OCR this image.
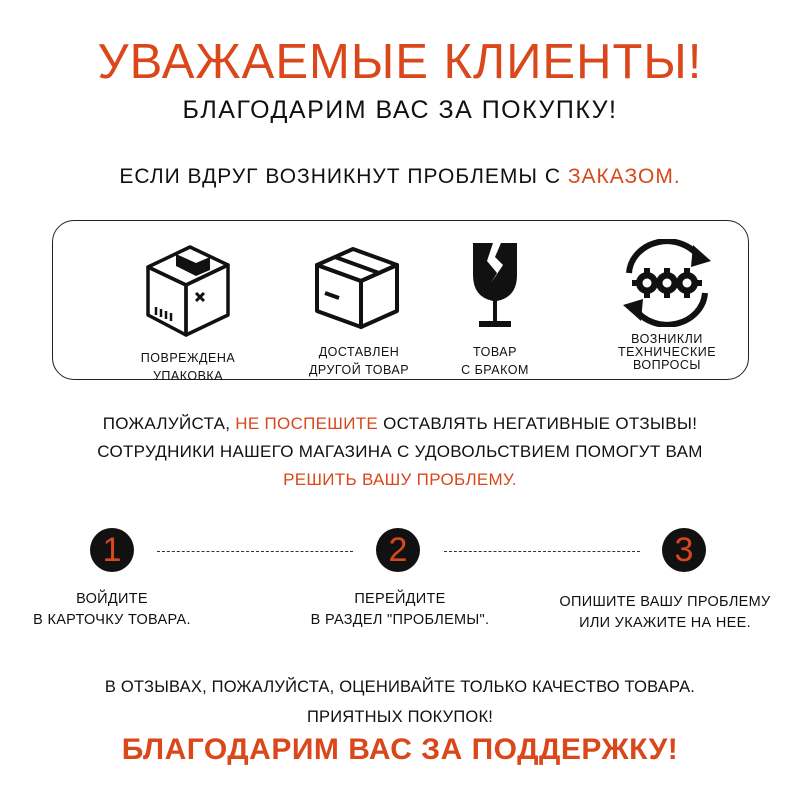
УВАЖАЕМЫЕ КЛИЕНТЫ!
БЛАГОДАРИМ ВАС ЗА ПОКУПКУ!
ЕСЛИ ВДРУГ ВОЗНИКНУТ ПРОБЛЕМЫ С ЗАКАЗОМ.
ПОВРЕЖДЕНА
УПАКОВКА
ДОСТАВЛЕН
ДРУГОЙ ТОВАР
ТОВАР
С БРАКОМ
ВОЗНИКЛИ
ТЕХНИЧЕСКИЕ
ВОПРОСЫ
ПОЖАЛУЙСТА, НЕ ПОСПЕШИТЕ ОСТАВЛЯТЬ НЕГАТИВНЫЕ ОТЗЫВЫ!
СОТРУДНИКИ НАШЕГО МАГАЗИНА С УДОВОЛЬСТВИЕМ ПОМОГУТ ВАМ
РЕШИТЬ ВАШУ ПРОБЛЕМУ.
1	2	3
ВОЙДИТЕ
В КАРТОЧКУ ТОВАРА.
ПЕРЕЙДИТЕ
В РАЗДЕЛ "ПРОБЛЕМЫ".
ОПИШИТЕ ВАШУ ПРОБЛЕМУ
ИЛИ УКАЖИТЕ НА НЕЕ.
В ОТЗЫВАХ, ПОЖАЛУЙСТА, ОЦЕНИВАЙТЕ ТОЛЬКО КАЧЕСТВО ТОВАРА.
ПРИЯТНЫХ ПОКУПОК!
БЛАГОДАРИМ ВАС ЗА ПОДДЕРЖКУ!
